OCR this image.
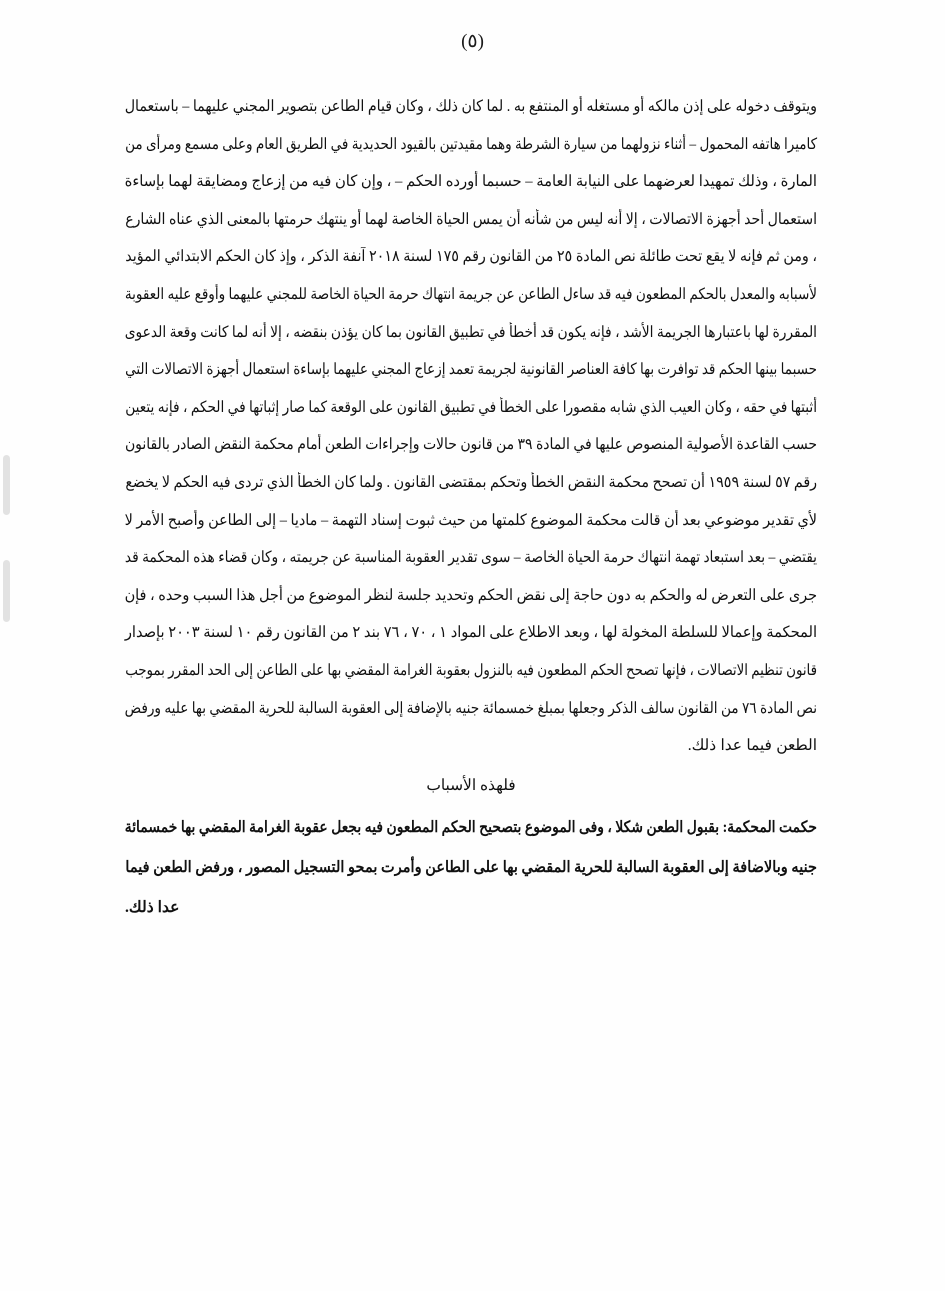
(٥)
ويتوقف دخوله على إذن مالكه أو مستغله أو المنتفع به . لما كان ذلك ، وكان قيام الطاعن بتصوير المجني عليهما – باستعمال
كاميرا هاتفه المحمول – أثناء نزولهما من سيارة الشرطة وهما مقيدتين بالقيود الحديدية في الطريق العام وعلى مسمع ومرأى من
المارة ، وذلك تمهيدا لعرضهما على النيابة العامة – حسبما أورده الحكم – ، وإن كان فيه من إزعاج ومضايقة لهما بإساءة
استعمال أحد أجهزة الاتصالات ، إلا أنه ليس من شأنه أن يمس الحياة الخاصة لهما أو ينتهك حرمتها بالمعنى الذي عناه الشارع
، ومن ثم فإنه لا يقع تحت طائلة نص المادة ٢٥ من القانون رقم ١٧٥ لسنة ٢٠١٨ آنفة الذكر ، وإذ كان الحكم الابتدائي المؤيد
لأسبابه والمعدل بالحكم المطعون فيه قد ساءل الطاعن عن جريمة انتهاك حرمة الحياة الخاصة للمجني عليهما وأوقع عليه العقوبة
المقررة لها باعتبارها الجريمة الأشد ، فإنه يكون قد أخطأ في تطبيق القانون بما كان يؤذن بنقضه ، إلا أنه لما كانت وقعة الدعوى
حسبما بينها الحكم قد توافرت بها كافة العناصر القانونية لجريمة تعمد إزعاج المجني عليهما بإساءة استعمال أجهزة الاتصالات التي
أثبتها في حقه ، وكان العيب الذي شابه مقصورا على الخطأ في تطبيق القانون على الوقعة كما صار إثباتها في الحكم ، فإنه يتعين
حسب القاعدة الأصولية المنصوص عليها في المادة ٣٩ من قانون حالات وإجراءات الطعن أمام محكمة النقض الصادر بالقانون
رقم ٥٧ لسنة ١٩٥٩ أن تصحح محكمة النقض الخطأ وتحكم بمقتضى القانون . ولما كان الخطأ الذي تردى فيه الحكم لا يخضع
لأي تقدير موضوعي بعد أن قالت محكمة الموضوع كلمتها من حيث ثبوت إسناد التهمة – ماديا – إلى الطاعن وأصبح الأمر لا
يقتضي – بعد استبعاد تهمة انتهاك حرمة الحياة الخاصة – سوى تقدير العقوبة المناسبة عن جريمته ، وكان قضاء هذه المحكمة قد
جرى على التعرض له والحكم به دون حاجة إلى نقض الحكم وتحديد جلسة لنظر الموضوع من أجل هذا السبب وحده ، فإن
المحكمة وإعمالا للسلطة المخولة لها ، وبعد الاطلاع على المواد ١ ، ٧٠ ، ٧٦ بند ٢ من القانون رقم ١٠ لسنة ٢٠٠٣ بإصدار
قانون تنظيم الاتصالات ، فإنها تصحح الحكم المطعون فيه بالنزول بعقوبة الغرامة المقضي بها على الطاعن إلى الحد المقرر بموجب
نص المادة ٧٦ من القانون سالف الذكر وجعلها بمبلغ خمسمائة جنيه بالإضافة إلى العقوبة السالبة للحرية المقضي بها عليه ورفض
الطعن فيما عدا ذلك.
فلهذه الأسباب
حكمت المحكمة: بقبول الطعن شكلا ، وفى الموضوع بتصحيح الحكم المطعون فيه بجعل عقوبة الغرامة المقضي بها خمسمائة
جنيه وبالاضافة إلى العقوبة السالبة للحرية المقضي بها على الطاعن وأمرت بمحو التسجيل المصور ، ورفض الطعن فيما
عدا ذلك.
